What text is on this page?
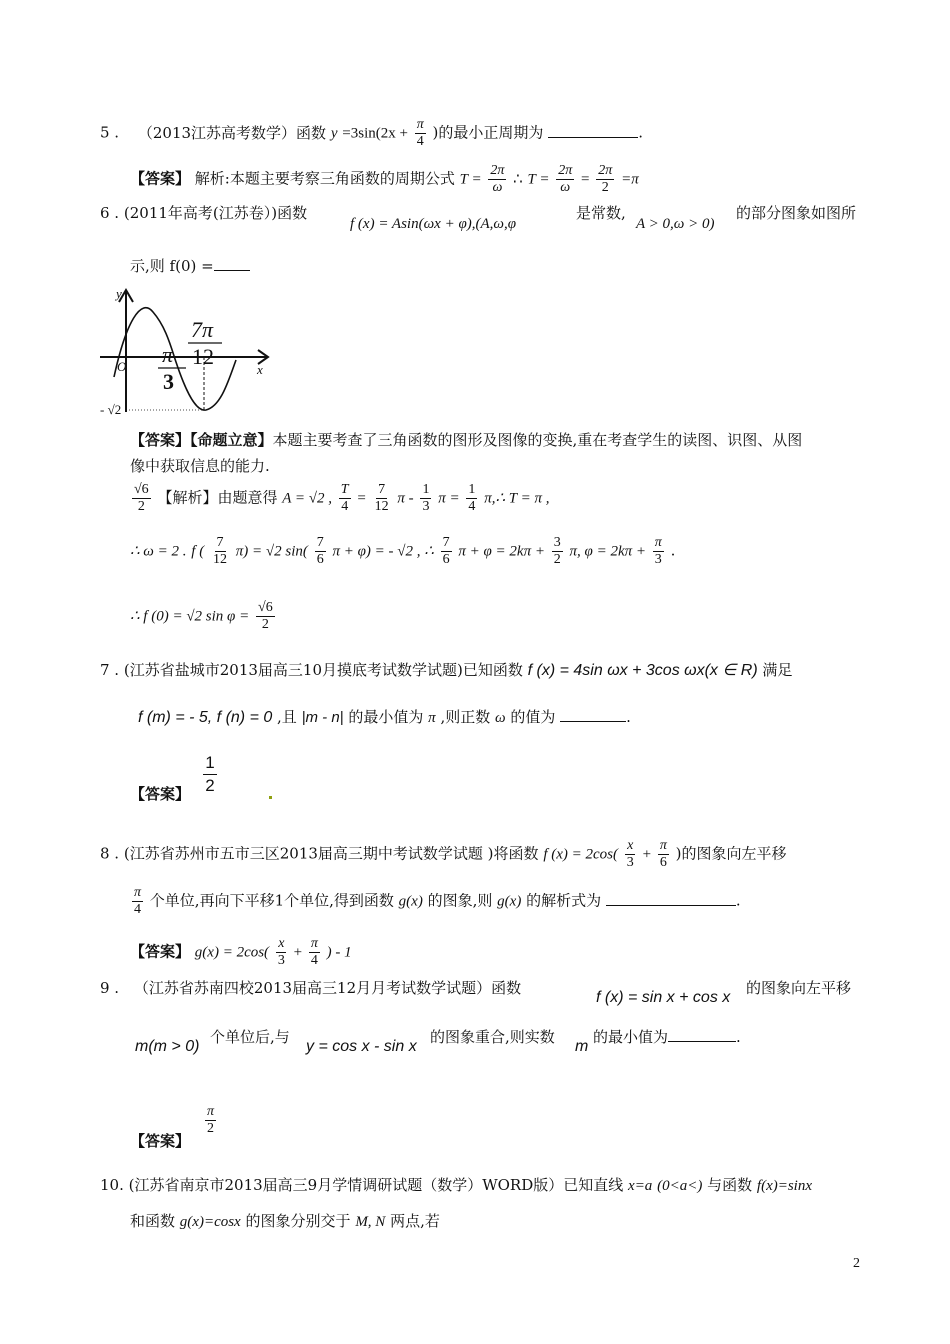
5 . （2013江苏高考数学）函数 $y =3\sin(2x + \frac{\pi}{4}$ )的最小正周期为	.
【答案】 解析:本题主要考察三角函数的周期公式 $T = \frac{2\pi}{\omega}$ ∴ $T = \frac{2\pi}{\omega} = \frac{2\pi}{2} =\pi$
6 . (2011年高考(江苏卷）)函数
f (x) = Asin(ωx + φ),(A,ω,φ
是常数,
A > 0,ω > 0)
的部分图象如图所
示,则 f(0) =
y
x
O
- √2
7π
12
π
3
【答案】【命题立意】本题主要考查了三角函数的图形及图像的变换,重在考查学生的读图、识图、从图
像中获取信息的能力.
$\frac{√6}{2}$ 【解析】由题意得 A = √2 , $\frac{T}{4} = \frac{7}{12}$ π - $\frac{1}{3}$ $\pi = \frac{1}{4}$ π,∴ T = π ,
∴ ω = 2 . f ( $\frac{7}{12} \pi) = √2$ $\sin( \frac{7}{6}$ π + φ) = - √2 , ∴ $\frac{7}{6}$ $\pi + \varphi = 2k\pi + \frac{3}{2} \pi$, $\varphi = 2k\pi + \frac{\pi}{3}$ .
∴ f (0) = √2 $\sin \varphi = \frac{√6}{2}$
7 . (江苏省盐城市2013届高三10月摸底考试数学试题)已知函数 f (x) = 4sin ωx + 3cos ωx(x ∈ R) 满足
f (m) = - 5, f (n) = 0 ,且 |m - n| 的最小值为 π ,则正数 ω 的值为	.
1
2
【答案】
8 . (江苏省苏州市五市三区2013届高三期中考试数学试题 )将函数 f $(x) = 2\cos( \frac{x}{3} + \frac{\pi}{6}$ )的图象向左平移
$\frac{\pi}{4}$ 个单位,再向下平移1个单位,得到函数 g(x) 的图象,则 g(x) 的解析式为	.
【答案】 $g(x) = 2\cos( \frac{x}{3} + \frac{\pi}{4}$ ) - 1
9 . （江苏省苏南四校2013届高三12月月考试数学试题）函数
f (x) = sin x + cos x
的图象向左平移
m(m > 0)
个单位后,与
y = cos x - sin x
的图象重合,则实数
m
的最小值为	.
$\frac{\pi}{2}$
【答案】
10. (江苏省南京市2013届高三9月学情调研试题（数学）WORD版）已知直线 x=a (0<a<) 与函数 f(x)=sinx
和函数 g(x)=cosx 的图象分别交于 M, N 两点,若
2
